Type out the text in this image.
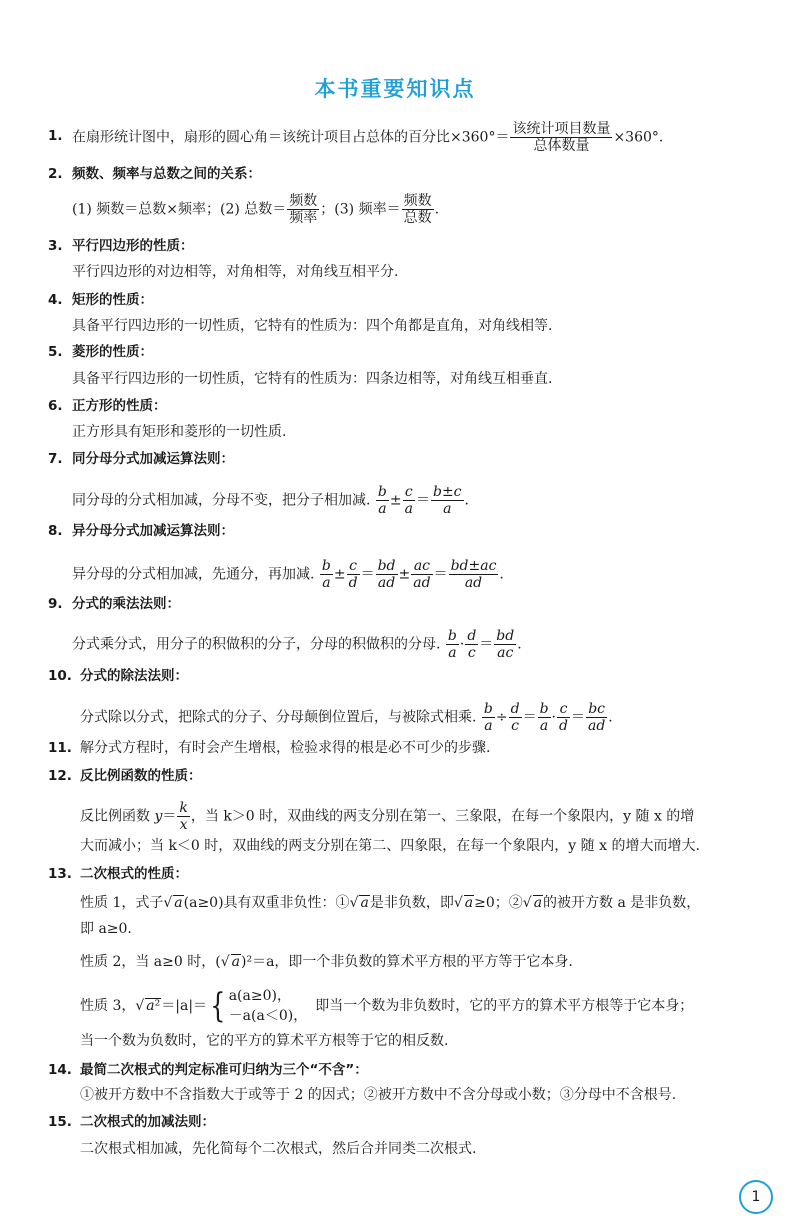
本书重要知识点
1. 在扇形统计图中，扇形的圆心角＝该统计项目占总体的百分比$\times 360^\circ= \frac{\text{该统计项目数量}}{\text{总体数量}} \times 360^\circ$.
2. 频数、频率与总数之间的关系：
(1) 频数＝总数×频率；(2) 总数＝ $\frac{\text{频数}}{\text{频率}}$ ；(3) 频率＝ $\frac{\text{频数}}{\text{总数}}$ .
3. 平行四边形的性质：
平行四边形的对边相等，对角相等，对角线互相平分.
4. 矩形的性质：
具备平行四边形的一切性质，它特有的性质为：四个角都是直角，对角线相等.
5. 菱形的性质：
具备平行四边形的一切性质，它特有的性质为：四条边相等，对角线互相垂直.
6. 正方形的性质：
正方形具有矩形和菱形的一切性质.
7. 同分母分式加减运算法则：
同分母的分式相加减，分母不变，把分子相加减. $\frac{b}{a} \pm \frac{c}{a} = \frac{b\pm c}{a}$ .
8. 异分母分式加减运算法则：
异分母的分式相加减，先通分，再加减. $\frac{b}{a} \pm \frac{c}{d} = \frac{bd}{ad} \pm \frac{ac}{ad} = \frac{bd\pm ac}{ad}$ .
9. 分式的乘法法则：
分式乘分式，用分子的积做积的分子，分母的积做积的分母. $\frac{b}{a} \cdot \frac{d}{c} = \frac{bd}{ac}$ .
10. 分式的除法法则：
分式除以分式，把除式的分子、分母颠倒位置后，与被除式相乘. $\frac{b}{a} \div \frac{d}{c} = \frac{b}{a} \cdot \frac{c}{d} = \frac{bc}{ad}$ .
11. 解分式方程时，有时会产生增根，检验求得的根是必不可少的步骤.
12. 反比例函数的性质：
反比例函数 $y= \frac{k}{x}$ ，当 k＞0 时，双曲线的两支分别在第一、三象限，在每一个象限内，y 随 x 的增
大而减小；当 k＜0 时，双曲线的两支分别在第二、四象限，在每一个象限内，y 随 x 的增大而增大.
13. 二次根式的性质：
性质 1，式子√ a(a≥0)具有双重非负性：①√ a是非负数，即√ a≥0；②√ a的被开方数 a 是非负数，
即 a≥0.
性质 2，当 a≥0 时，(√ a)²＝a，即一个非负数的算术平方根的平方等于它本身.
性质 3，√ a²＝|a|＝{ a(a≥0)，
－a(a＜0)，
即当一个数为非负数时，它的平方的算术平方根等于它本身；
当一个数为负数时，它的平方的算术平方根等于它的相反数.
14. 最简二次根式的判定标准可归纳为三个“不含”：
①被开方数中不含指数大于或等于 2 的因式；②被开方数中不含分母或小数；③分母中不含根号.
15. 二次根式的加减法则：
二次根式相加减，先化简每个二次根式，然后合并同类二次根式.
1
